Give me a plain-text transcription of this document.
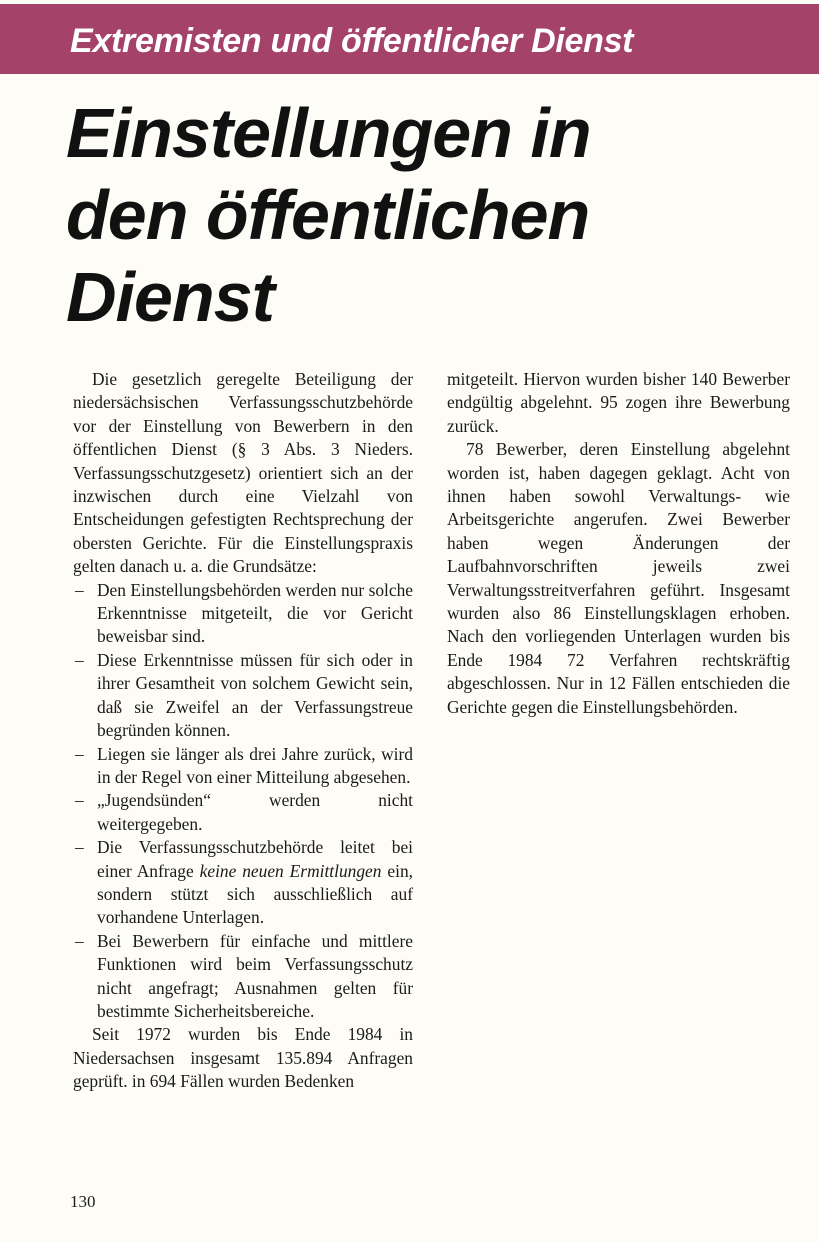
Extremisten und öffentlicher Dienst
Einstellungen in
den öffentlichen
Dienst

Die gesetzlich geregelte Beteiligung der niedersächsischen Verfassungsschutzbehörde vor der Einstellung von Bewerbern in den öffentlichen Dienst (§ 3 Abs. 3 Nieders. Verfassungsschutzgesetz) orientiert sich an der inzwischen durch eine Vielzahl von Entscheidungen gefestigten Rechtsprechung der obersten Gerichte. Für die Einstellungspraxis gelten danach u. a. die Grundsätze:

– Den Einstellungsbehörden werden nur solche Erkenntnisse mitgeteilt, die vor Gericht beweisbar sind.
– Diese Erkenntnisse müssen für sich oder in ihrer Gesamtheit von solchem Gewicht sein, daß sie Zweifel an der Verfassungstreue begründen können.
– Liegen sie länger als drei Jahre zurück, wird in der Regel von einer Mitteilung abgesehen.
– „Jugendsünden“ werden nicht weitergegeben.
– Die Verfassungsschutzbehörde leitet bei einer Anfrage keine neuen Ermittlungen ein, sondern stützt sich ausschließlich auf vorhandene Unterlagen.
– Bei Bewerbern für einfache und mittlere Funktionen wird beim Verfassungsschutz nicht angefragt; Ausnahmen gelten für bestimmte Sicherheitsbereiche.

Seit 1972 wurden bis Ende 1984 in Niedersachsen insgesamt 135.894 Anfragen geprüft. in 694 Fällen wurden Bedenken

mitgeteilt. Hiervon wurden bisher 140 Bewerber endgültig abgelehnt. 95 zogen ihre Bewerbung zurück.

78 Bewerber, deren Einstellung abgelehnt worden ist, haben dagegen geklagt. Acht von ihnen haben sowohl Verwaltungs- wie Arbeitsgerichte angerufen. Zwei Bewerber haben wegen Änderungen der Laufbahnvorschriften jeweils zwei Verwaltungsstreitverfahren geführt. Insgesamt wurden also 86 Einstellungsklagen erhoben. Nach den vorliegenden Unterlagen wurden bis Ende 1984 72 Verfahren rechtskräftig abgeschlossen. Nur in 12 Fällen entschieden die Gerichte gegen die Einstellungsbehörden.

130
